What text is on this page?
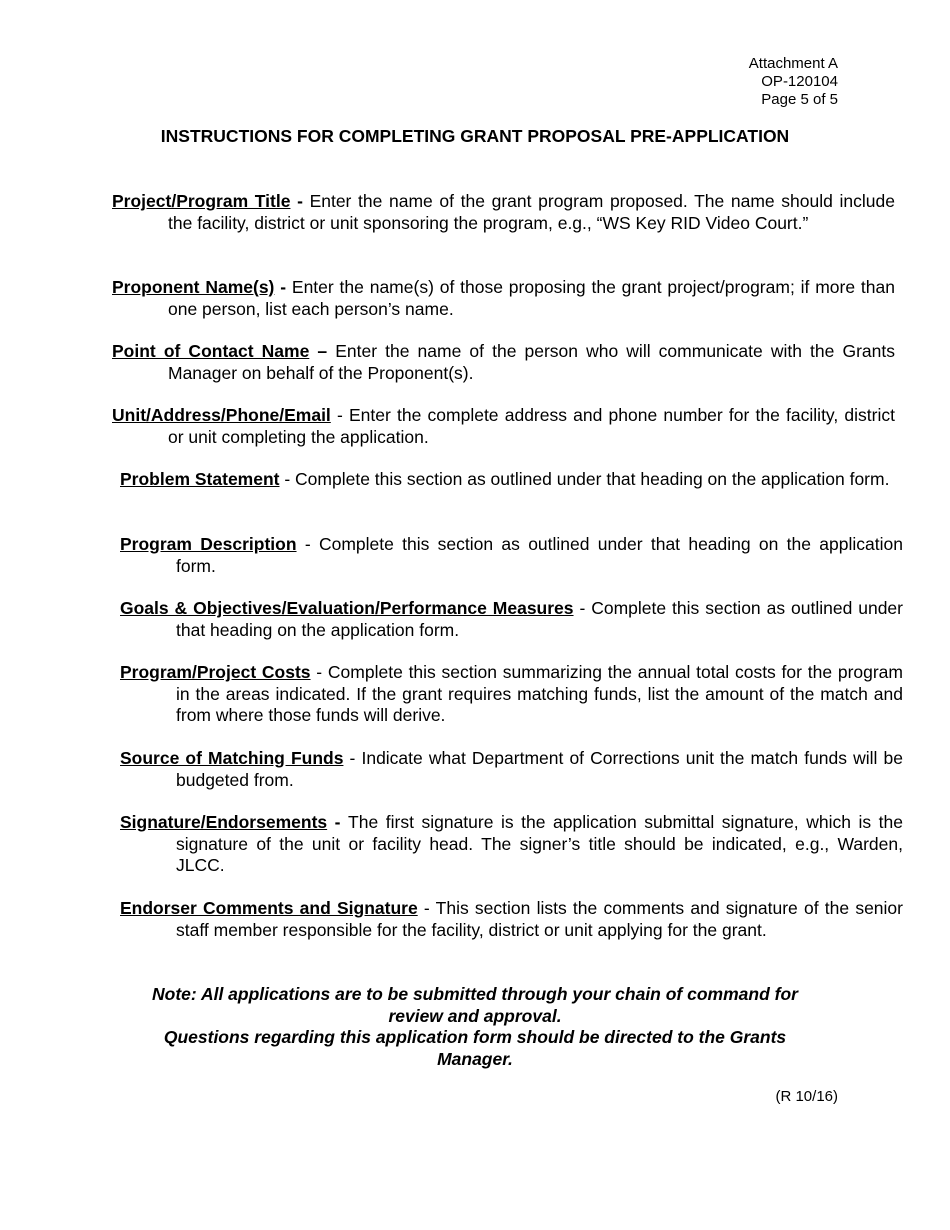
Attachment A
OP-120104
Page 5 of 5
INSTRUCTIONS FOR COMPLETING GRANT PROPOSAL PRE-APPLICATION
Project/Program Title - Enter the name of the grant program proposed. The name should include the facility, district or unit sponsoring the program, e.g., “WS Key RID Video Court.”
Proponent Name(s) - Enter the name(s) of those proposing the grant project/program; if more than one person, list each person’s name.
Point of Contact Name – Enter the name of the person who will communicate with the Grants Manager on behalf of the Proponent(s).
Unit/Address/Phone/Email - Enter the complete address and phone number for the facility, district or unit completing the application.
Problem Statement - Complete this section as outlined under that heading on the application form.
Program Description - Complete this section as outlined under that heading on the application form.
Goals & Objectives/Evaluation/Performance Measures - Complete this section as outlined under that heading on the application form.
Program/Project Costs - Complete this section summarizing the annual total costs for the program in the areas indicated. If the grant requires matching funds, list the amount of the match and from where those funds will derive.
Source of Matching Funds - Indicate what Department of Corrections unit the match funds will be budgeted from.
Signature/Endorsements - The first signature is the application submittal signature, which is the signature of the unit or facility head. The signer’s title should be indicated, e.g., Warden, JLCC.
Endorser Comments and Signature - This section lists the comments and signature of the senior staff member responsible for the facility, district or unit applying for the grant.
Note: All applications are to be submitted through your chain of command for review and approval.
Questions regarding this application form should be directed to the Grants Manager.
(R 10/16)
